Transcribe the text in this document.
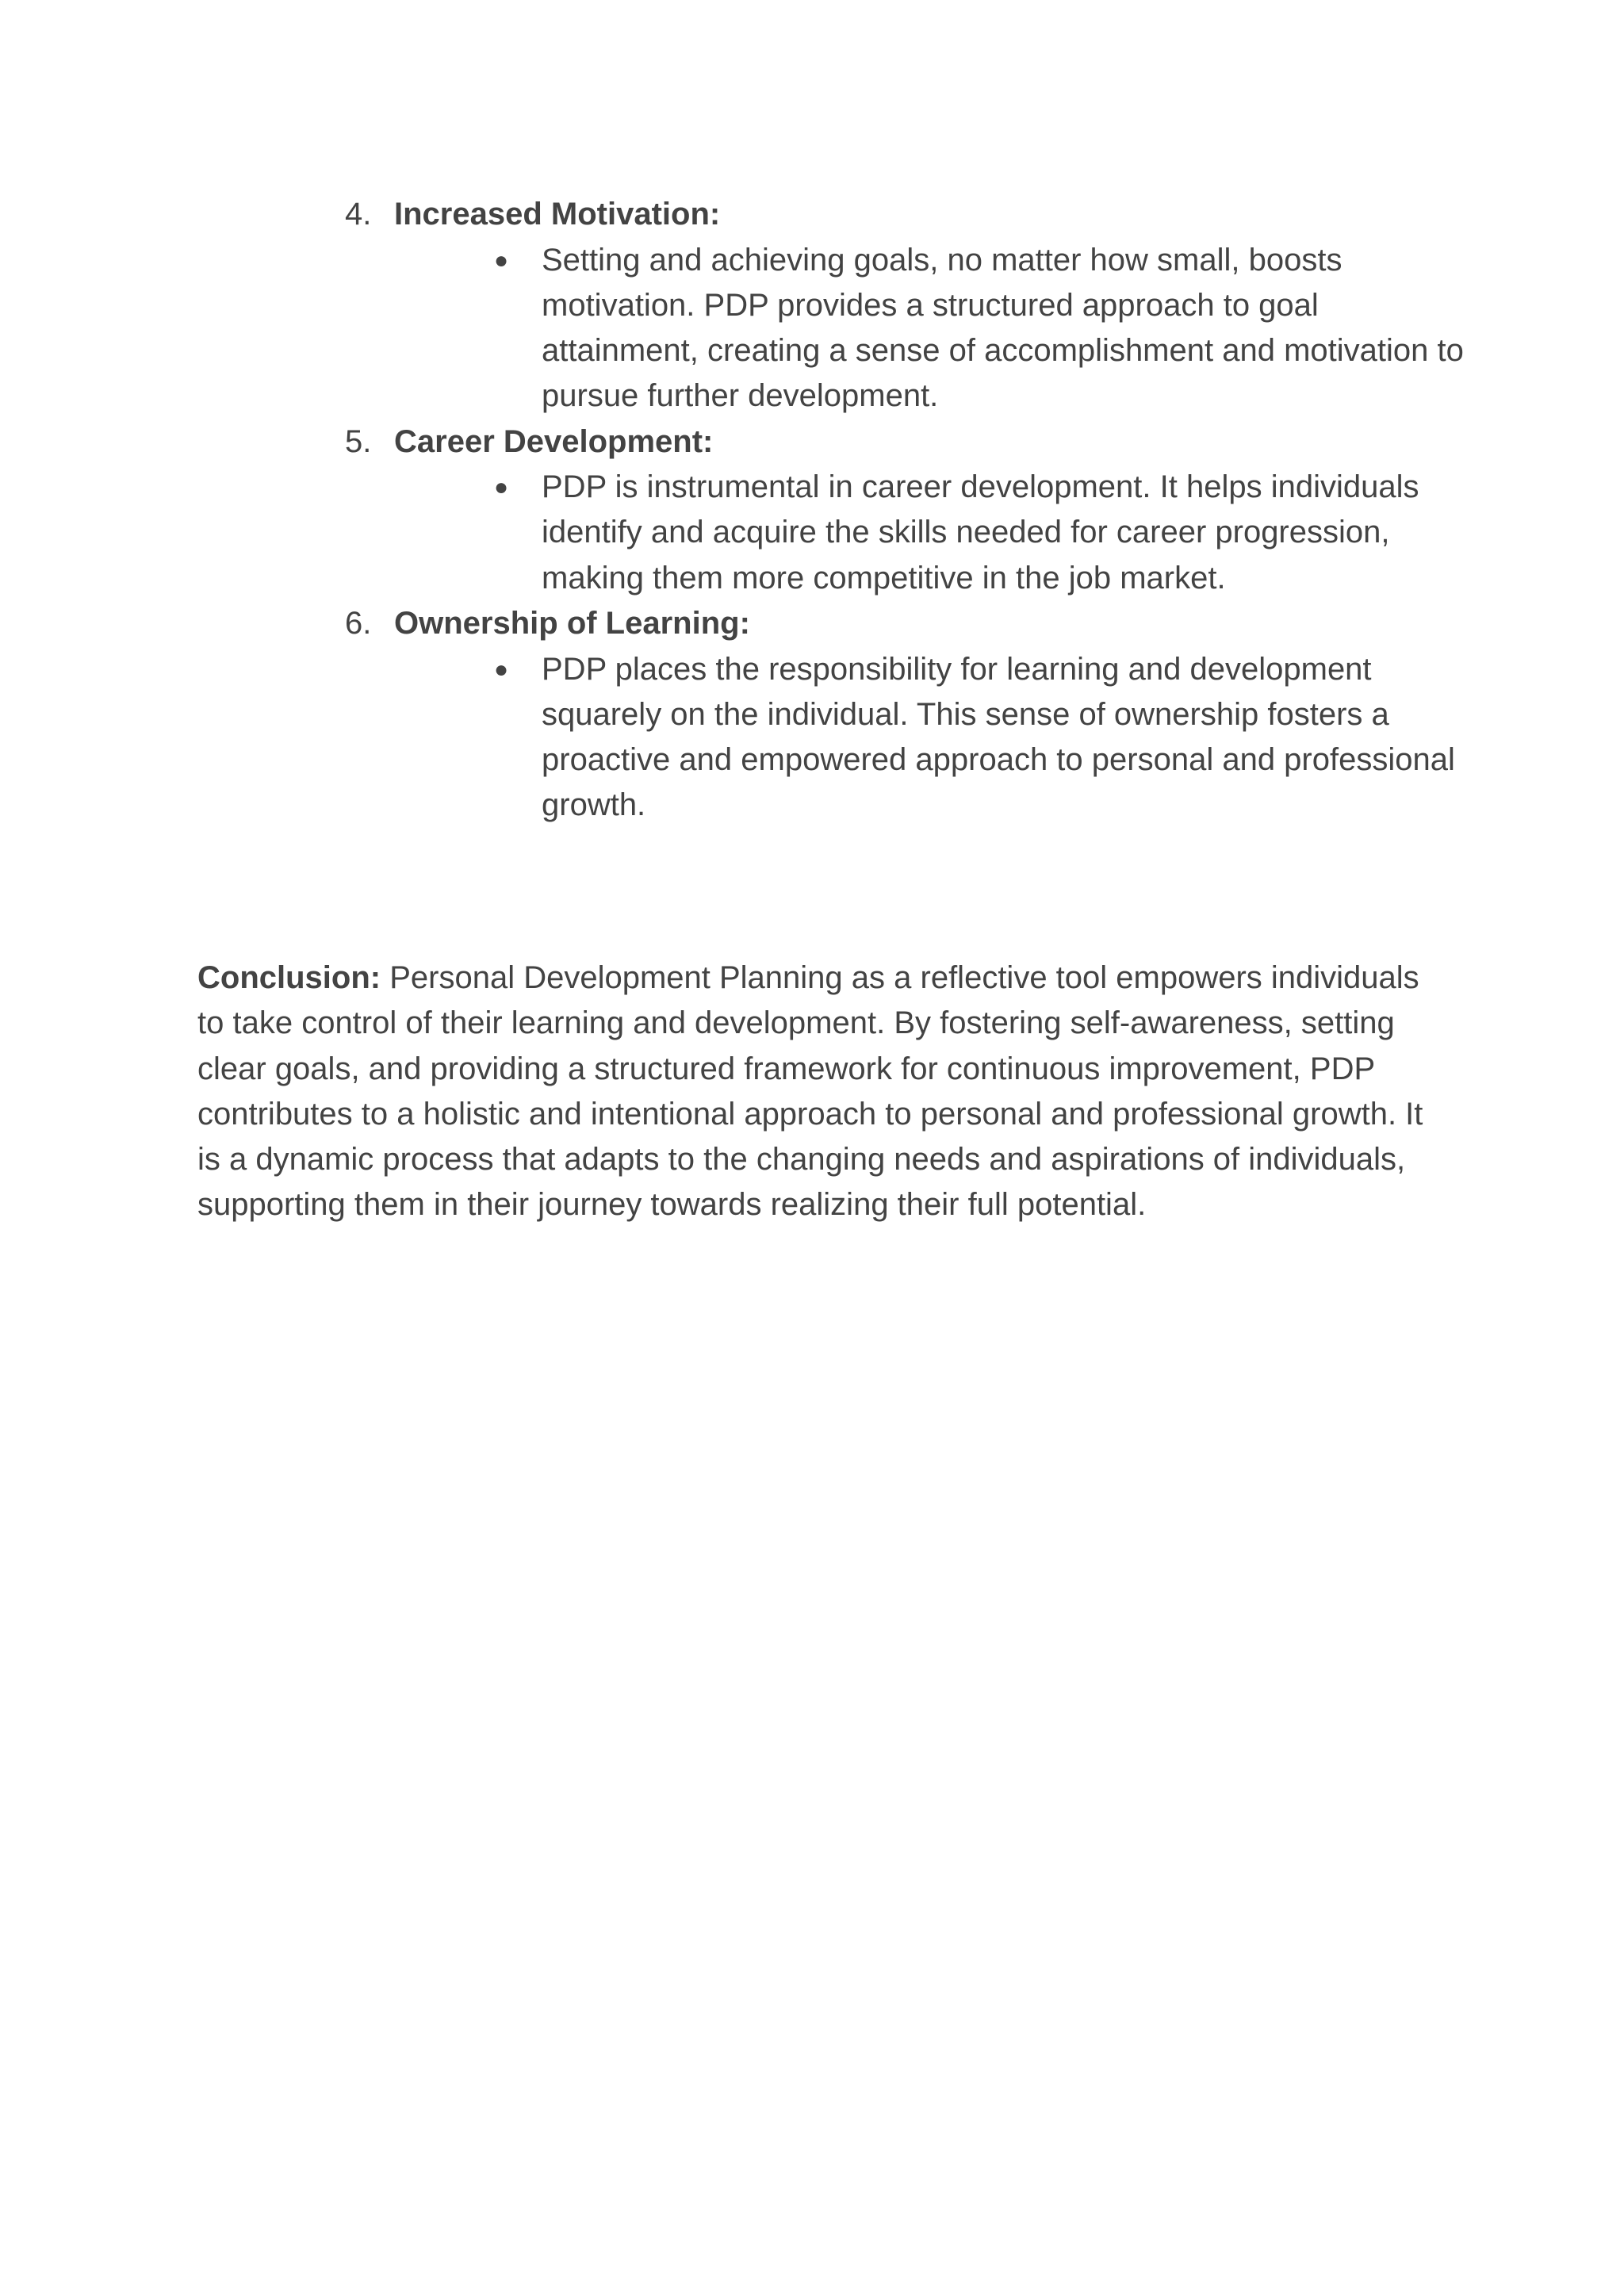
4. Increased Motivation:
● Setting and achieving goals, no matter how small, boosts motivation. PDP provides a structured approach to goal attainment, creating a sense of accomplishment and motivation to pursue further development.
5. Career Development:
● PDP is instrumental in career development. It helps individuals identify and acquire the skills needed for career progression, making them more competitive in the job market.
6. Ownership of Learning:
● PDP places the responsibility for learning and development squarely on the individual. This sense of ownership fosters a proactive and empowered approach to personal and professional growth.

Conclusion: Personal Development Planning as a reflective tool empowers individuals to take control of their learning and development. By fostering self-awareness, setting clear goals, and providing a structured framework for continuous improvement, PDP contributes to a holistic and intentional approach to personal and professional growth. It is a dynamic process that adapts to the changing needs and aspirations of individuals, supporting them in their journey towards realizing their full potential.
